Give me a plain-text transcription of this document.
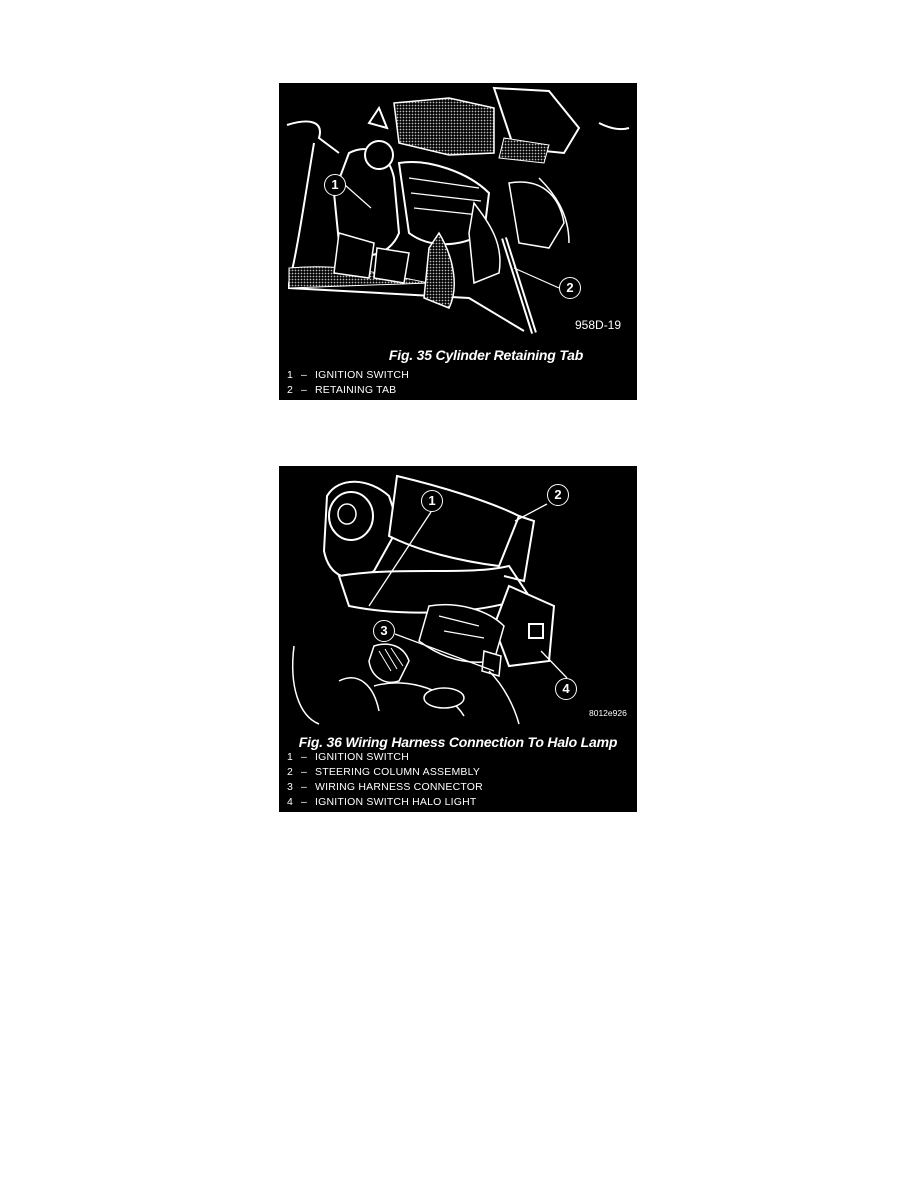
1
2
958D-19
Fig. 35 Cylinder Retaining Tab
1 – IGNITION SWITCH
2 – RETAINING TAB
1	2
3
4
8012e926
Fig. 36 Wiring Harness Connection To Halo Lamp
1 – IGNITION SWITCH
2 – STEERING COLUMN ASSEMBLY
3 – WIRING HARNESS CONNECTOR
4 – IGNITION SWITCH HALO LIGHT
